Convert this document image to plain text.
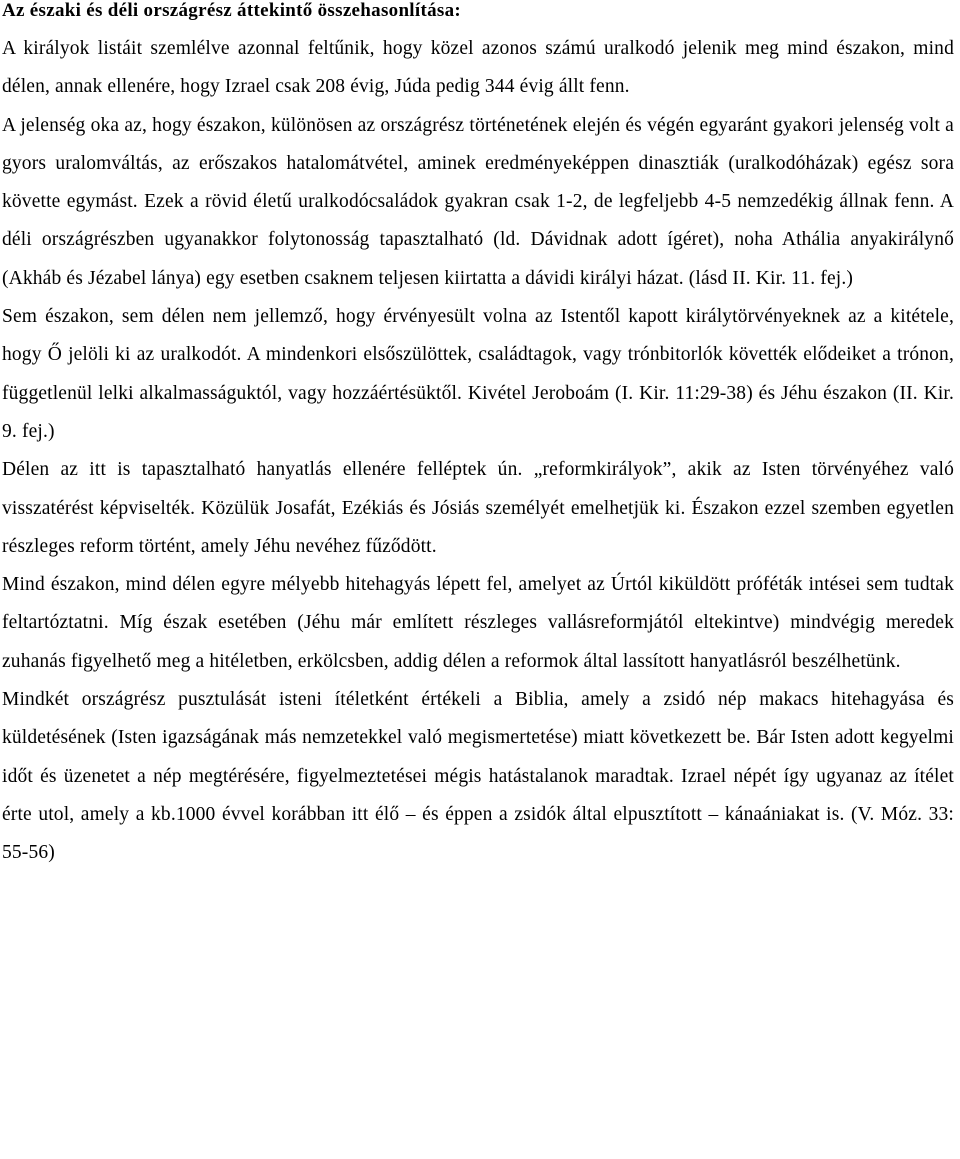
Az északi és déli országrész áttekintő összehasonlítása:

A királyok listáit szemlélve azonnal feltűnik, hogy közel azonos számú uralkodó jelenik meg mind északon, mind délen, annak ellenére, hogy Izrael csak 208 évig, Júda pedig 344 évig állt fenn.

A jelenség oka az, hogy északon, különösen az országrész történetének elején és végén egyaránt gyakori jelenség volt a gyors uralomváltás, az erőszakos hatalomátvétel, aminek eredményeképpen dinasztiák (uralkodóházak) egész sora követte egymást. Ezek a rövid életű uralkodócsaládok gyakran csak 1-2, de legfeljebb 4-5 nemzedékig állnak fenn. A déli országrészben ugyanakkor folytonosság tapasztalható (ld. Dávidnak adott ígéret), noha Athália anyakirálynő (Akháb és Jézabel lánya) egy esetben csaknem teljesen kiirtatta a dávidi királyi házat. (lásd II. Kir. 11. fej.)

Sem északon, sem délen nem jellemző, hogy érvényesült volna az Istentől kapott királytörvényeknek az a kitétele, hogy Ő jelöli ki az uralkodót. A mindenkori elsőszülöttek, családtagok, vagy trónbitorlók követték elődeiket a trónon, függetlenül lelki alkalmasságuktól, vagy hozzáértésüktől. Kivétel Jeroboám (I. Kir. 11:29-38) és Jéhu északon (II. Kir. 9. fej.)

Délen az itt is tapasztalható hanyatlás ellenére felléptek ún. „reformkirályok”, akik az Isten törvényéhez való visszatérést képviselték. Közülük Josafát, Ezékiás és Jósiás személyét emelhetjük ki. Északon ezzel szemben egyetlen részleges reform történt, amely Jéhu nevéhez fűződött.

Mind északon, mind délen egyre mélyebb hitehagyás lépett fel, amelyet az Úrtól kiküldött próféták intései sem tudtak feltartóztatni. Míg észak esetében (Jéhu már említett részleges vallásreformjától eltekintve) mindvégig meredek zuhanás figyelhető meg a hitéletben, erkölcsben, addig délen a reformok által lassított hanyatlásról beszélhetünk.

Mindkét országrész pusztulását isteni ítéletként értékeli a Biblia, amely a zsidó nép makacs hitehagyása és küldetésének (Isten igazságának más nemzetekkel való megismertetése) miatt következett be. Bár Isten adott kegyelmi időt és üzenetet a nép megtérésére, figyelmeztetései mégis hatástalanok maradtak. Izrael népét így ugyanaz az ítélet érte utol, amely a kb.1000 évvel korábban itt élő – és éppen a zsidók által elpusztított – kánaániakat is. (V. Móz. 33: 55-56)
